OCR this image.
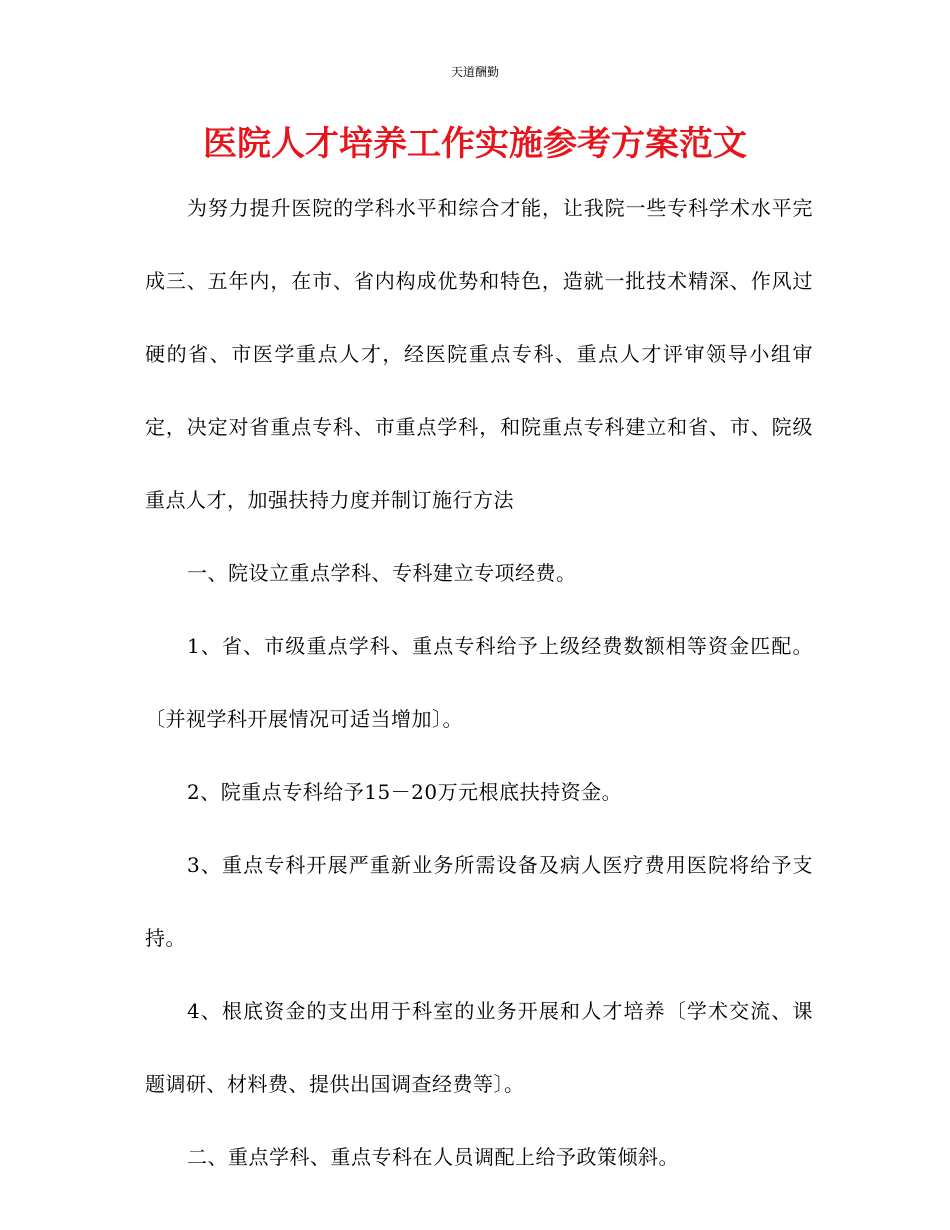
天道酬勤
医院人才培养工作实施参考方案范文

为努力提升医院的学科水平和综合才能，让我院一些专科学术水平完成三、五年内，在市、省内构成优势和特色，造就一批技术精深、作风过硬的省、市医学重点人才，经医院重点专科、重点人才评审领导小组审定，决定对省重点专科、市重点学科，和院重点专科建立和省、市、院级重点人才，加强扶持力度并制订施行方法

一、院设立重点学科、专科建立专项经费。

1、省、市级重点学科、重点专科给予上级经费数额相等资金匹配。〔并视学科开展情况可适当增加〕。

2、院重点专科给予15－20万元根底扶持资金。

3、重点专科开展严重新业务所需设备及病人医疗费用医院将给予支持。

4、根底资金的支出用于科室的业务开展和人才培养〔学术交流、课题调研、材料费、提供出国调查经费等〕。

二、重点学科、重点专科在人员调配上给予政策倾斜。
